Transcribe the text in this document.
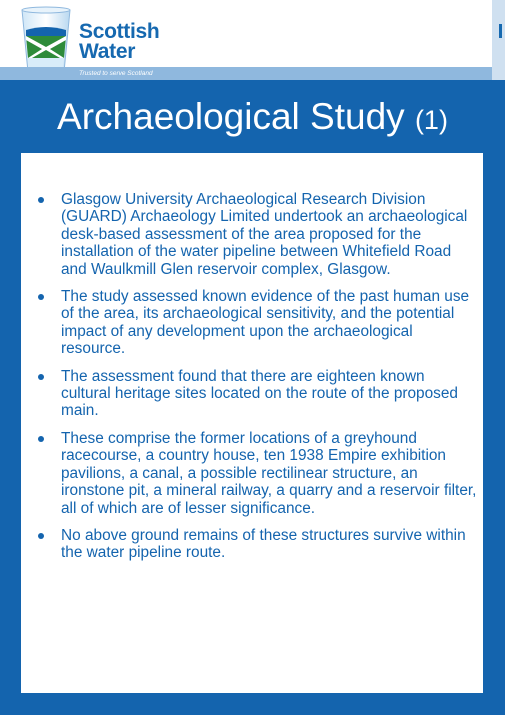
Scottish
Water
Trusted to serve Scotland
Archaeological Study (1)
Glasgow University Archaeological Research Division (GUARD) Archaeology Limited undertook an archaeological desk-based assessment of the area proposed for the installation of the water pipeline between Whitefield Road and Waulkmill Glen reservoir complex, Glasgow.
The study assessed known evidence of the past human use of the area, its archaeological sensitivity, and the potential impact of any development upon the archaeological resource.
The assessment found that there are eighteen known cultural heritage sites located on the route of the proposed main.
These comprise the former locations of a greyhound racecourse, a country house, ten 1938 Empire exhibition pavilions, a canal, a possible rectilinear structure, an ironstone pit, a mineral railway, a quarry and a reservoir filter, all of which are of lesser significance.
No above ground remains of these structures survive within the water pipeline route.
